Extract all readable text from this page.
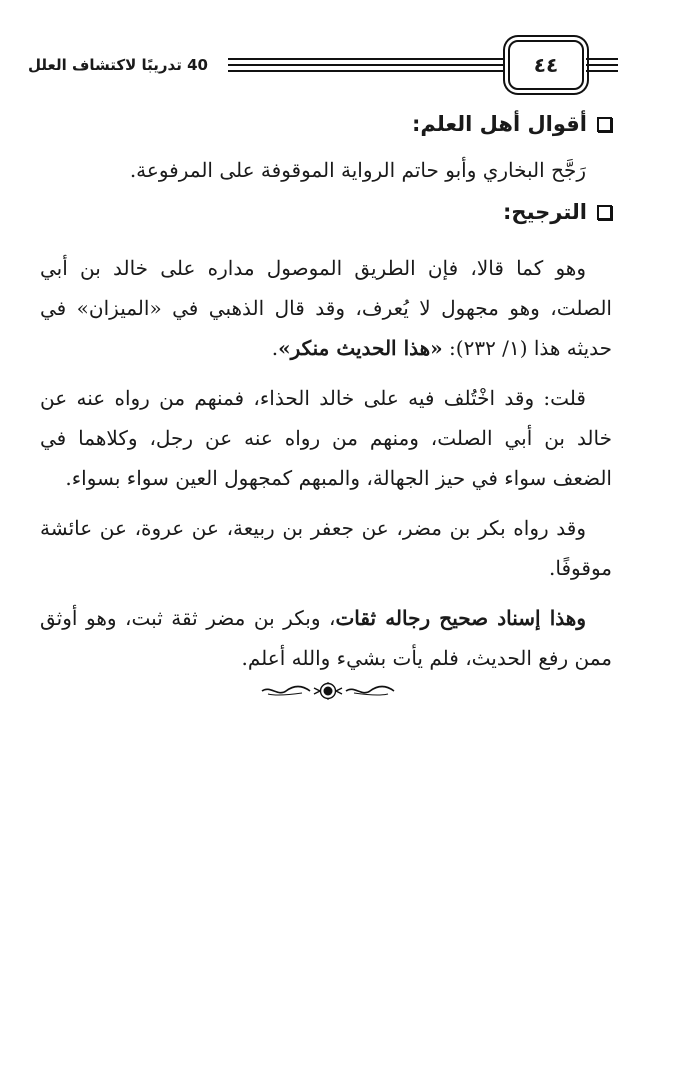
40 تدريبًا لاكتشاف العلل	٤٤
أقوال أهل العلم:

رَجَّح البخاري وأبو حاتم الرواية الموقوفة على المرفوعة.

الترجيح:

وهو كما قالا، فإن الطريق الموصول مداره على خالد بن أبي الصلت، وهو مجهول لا يُعرف، وقد قال الذهبي في «الميزان» في حديثه هذا (١/ ٢٣٢): «هذا الحديث منكر».

قلت: وقد اخْتُلف فيه على خالد الحذاء، فمنهم من رواه عنه عن خالد بن أبي الصلت، ومنهم من رواه عنه عن رجل، وكلاهما في الضعف سواء في حيز الجهالة، والمبهم كمجهول العين سواء بسواء.

وقد رواه بكر بن مضر، عن جعفر بن ربيعة، عن عروة، عن عائشة موقوفًا.

وهذا إسناد صحيح رجاله ثقات، وبكر بن مضر ثقة ثبت، وهو أوثق ممن رفع الحديث، فلم يأت بشيء والله أعلم.
